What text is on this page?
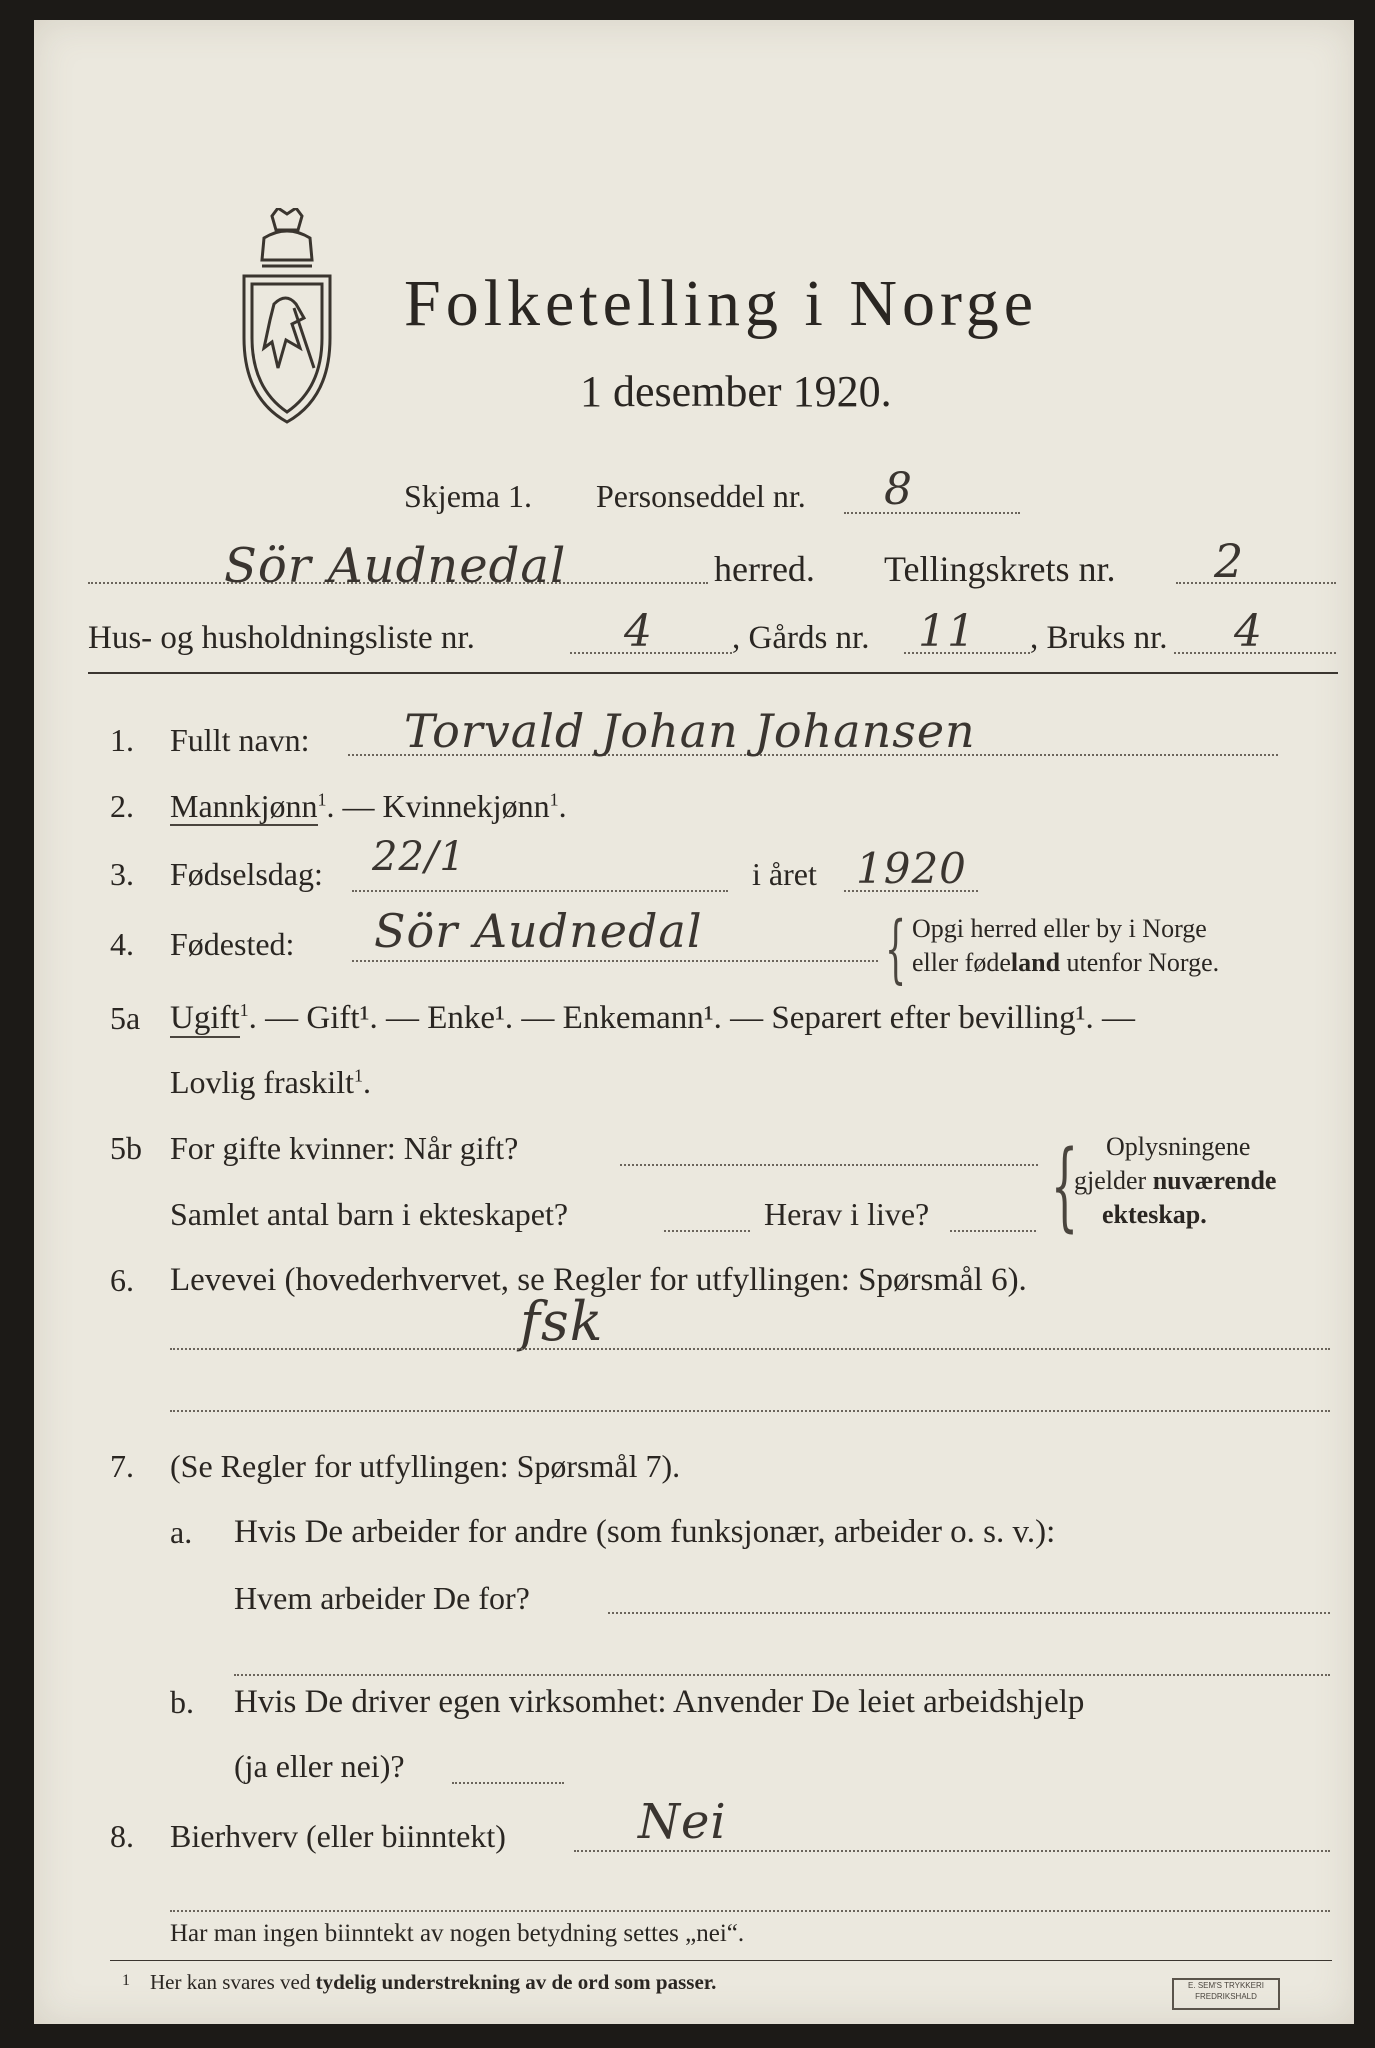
Folketelling i Norge
1 desember 1920.
Skjema 1. Personseddel nr. 8
Sör Audnedal	herred. Tellingskrets nr. 2
Hus- og husholdningsliste nr.	4 , Gårds nr. 11 , Bruks nr. 4
1. Fullt navn: Torvald Johan Johansen
2. Mannkjønn$^1$. — Kvinnekjønn$^1$.
3. Fødselsdag: 22/1	i året 1920
4. Fødested: Sör Audnedal { Opgi herred eller by i Norge
eller fødeland utenfor Norge.
5a Ugift$^1$. — Gift¹. — Enke¹. — Enkemann¹. — Separert efter bevilling¹. —
Lovlig fraskilt$^1$.
5b For gifte kvinner: Når gift?
Samlet antal barn i ekteskapet?	Herav i live? { Oplysningene
gjelder nuværende
ekteskap.
6. Levevei (hovederhvervet, se Regler for utfyllingen: Spørsmål 6).
fsk
7. (Se Regler for utfyllingen: Spørsmål 7).
a. Hvis De arbeider for andre (som funksjonær, arbeider o. s. v.):
Hvem arbeider De for?
b. Hvis De driver egen virksomhet: Anvender De leiet arbeidshjelp
(ja eller nei)?
8. Bierhverv (eller biinntekt)	Nei
Har man ingen biinntekt av nogen betydning settes „nei“.
1 Her kan svares ved tydelig understrekning av de ord som passer.	E. SEM'S TRYKKERI
FREDRIKSHALD
